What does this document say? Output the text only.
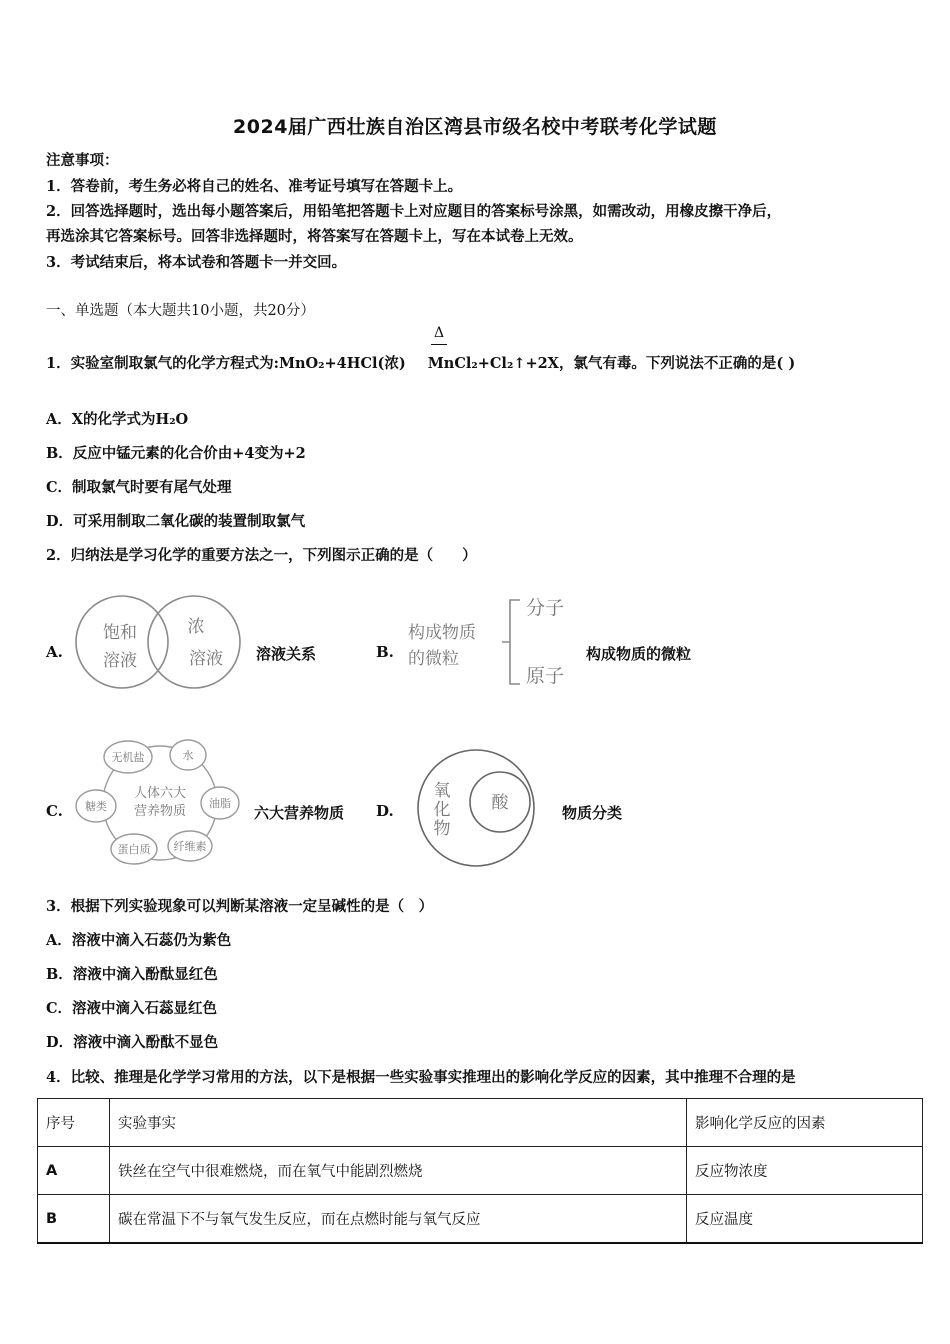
2024届广西壮族自治区湾县市级名校中考联考化学试题
注意事项：
1．答卷前，考生务必将自己的姓名、准考证号填写在答题卡上。
2．回答选择题时，选出每小题答案后，用铅笔把答题卡上对应题目的答案标号涂黑，如需改动，用橡皮擦干净后，
再选涂其它答案标号。回答非选择题时，将答案写在答题卡上，写在本试卷上无效。
3．考试结束后，将本试卷和答题卡一并交回。
一、单选题（本大题共10小题，共20分）
Δ
1．实验室制取氯气的化学方程式为:MnO₂+4HCl(浓) MnCl₂+Cl₂↑+2X，氯气有毒。下列说法不正确的是( )
A．X的化学式为H₂O
B．反应中锰元素的化合价由+4变为+2
C．制取氯气时要有尾气处理
D．可采用制取二氧化碳的装置制取氯气
2．归纳法是学习化学的重要方法之一，下列图示正确的是（　　）
A.
饱和
溶液
浓
溶液 溶液关系	B.
构成物质
的微粒
分子
原子
构成物质的微粒
C.
人体六大
营养物质
无机盐	水
油脂
纤维素
蛋白质
糖类	六大营养物质 D.
氧
化
物
酸	物质分类
3．根据下列实验现象可以判断某溶液一定呈碱性的是（　）
A．溶液中滴入石蕊仍为紫色
B．溶液中滴入酚酞显红色
C．溶液中滴入石蕊显红色
D．溶液中滴入酚酞不显色
4．比较、推理是化学学习常用的方法，以下是根据一些实验事实推理出的影响化学反应的因素，其中推理不合理的是
序号	实验事实	影响化学反应的因素
A	铁丝在空气中很难燃烧，而在氧气中能剧烈燃烧	反应物浓度
B	碳在常温下不与氧气发生反应，而在点燃时能与氧气反应	反应温度
